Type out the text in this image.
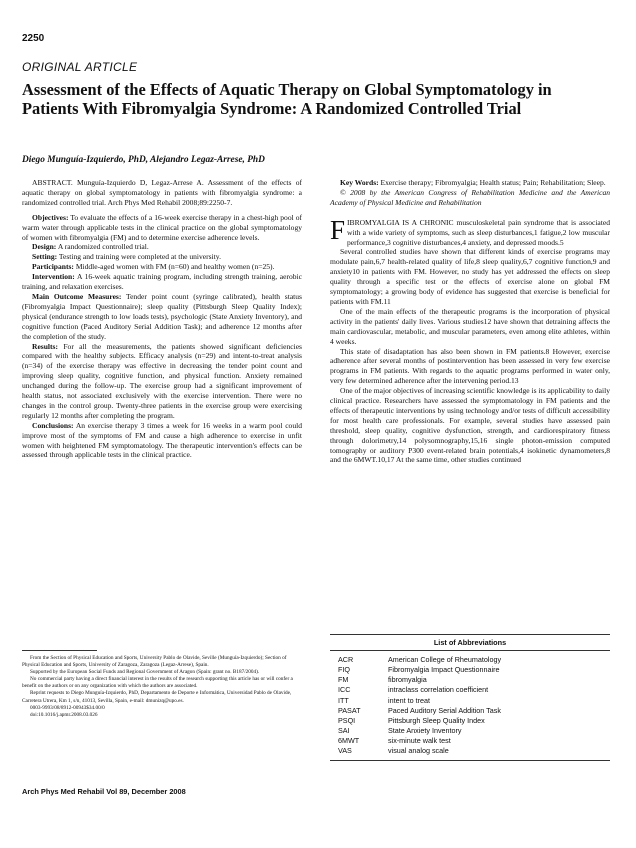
2250
ORIGINAL ARTICLE
Assessment of the Effects of Aquatic Therapy on Global Symptomatology in Patients With Fibromyalgia Syndrome: A Randomized Controlled Trial
Diego Munguía-Izquierdo, PhD, Alejandro Legaz-Arrese, PhD

ABSTRACT. Munguía-Izquierdo D, Legaz-Arrese A. Assessment of the effects of aquatic therapy on global symptomatology in patients with fibromyalgia syndrome: a randomized controlled trial. Arch Phys Med Rehabil 2008;89:2250-7.

Objectives: To evaluate the effects of a 16-week exercise therapy in a chest-high pool of warm water through applicable tests in the clinical practice on the global symptomatology of women with fibromyalgia (FM) and to determine exercise adherence levels.

Design: A randomized controlled trial.

Setting: Testing and training were completed at the university.

Participants: Middle-aged women with FM (n=60) and healthy women (n=25).

Intervention: A 16-week aquatic training program, including strength training, aerobic training, and relaxation exercises.

Main Outcome Measures: Tender point count (syringe calibrated), health status (Fibromyalgia Impact Questionnaire); sleep quality (Pittsburgh Sleep Quality Index); physical (endurance strength to low loads tests), psychologic (State Anxiety Inventory), and cognitive function (Paced Auditory Serial Addition Task); and adherence 12 months after the completion of the study.

Results: For all the measurements, the patients showed significant deficiencies compared with the healthy subjects. Efficacy analysis (n=29) and intent-to-treat analysis (n=34) of the exercise therapy was effective in decreasing the tender point count and improving sleep quality, cognitive function, and physical function. Anxiety remained unchanged during the follow-up. The exercise group had a significant improvement of health status, not associated exclusively with the exercise intervention. There were no changes in the control group. Twenty-three patients in the exercise group were exercising regularly 12 months after completing the program.

Conclusions: An exercise therapy 3 times a week for 16 weeks in a warm pool could improve most of the symptoms of FM and cause a high adherence to exercise in unfit women with heightened FM symptomatology. The therapeutic intervention's effects can be assessed through applicable tests in the clinical practice.

Key Words: Exercise therapy; Fibromyalgia; Health status; Pain; Rehabilitation; Sleep.

© 2008 by the American Congress of Rehabilitation Medicine and the American Academy of Physical Medicine and Rehabilitation

FIBROMYALGIA IS A CHRONIC musculoskeletal pain syndrome that is associated with a wide variety of symptoms, such as sleep disturbances,1 fatigue,2 low muscular performance,3 cognitive disturbances,4 anxiety, and depressed moods.5

Several controlled studies have shown that different kinds of exercise programs may modulate pain,6,7 health-related quality of life,8 sleep quality,6,7 cognitive function,9 and anxiety10 in patients with FM. However, no study has yet addressed the effects on sleep quality through a specific test or the effects of exercise alone on global FM symptomatology; a growing body of evidence has suggested that exercise is beneficial for patients with FM.11

One of the main effects of the therapeutic programs is the incorporation of physical activity in the patients' daily lives. Various studies12 have shown that detraining affects the main cardiovascular, metabolic, and muscular parameters, even among elite athletes, within 4 weeks.

This state of disadaptation has also been shown in FM patients.8 However, exercise adherence after several months of postintervention has been assessed in very few exercise programs in FM patients. With regards to the aquatic programs performed in water only, very few determined adherence after the intervening period.13

One of the major objectives of increasing scientific knowledge is its applicability to daily clinical practice. Researchers have assessed the symptomatology in FM patients and the effects of therapeutic interventions by using technology and/or tests of difficult accessibility for most health care professionals. For example, several studies have assessed pain threshold, sleep quality, cognitive dysfunction, strength, and cardiorespiratory fitness through dolorimetry,14 polysomnography,15,16 single photon-emission computed tomography or auditory P300 event-related brain potentials,4 isokinetic dynamometers,8 and the 6MWT.10,17 At the same time, other studies continued

From the Section of Physical Education and Sports, University Pablo de Olavide, Seville (Munguía-Izquierdo); Section of Physical Education and Sports, University of Zaragoza, Zaragoza (Legaz-Arrese), Spain.

Supported by the European Social Funds and Regional Government of Aragon (Spain: grant no. B187/2004).

No commercial party having a direct financial interest in the results of the research supporting this article has or will confer a benefit on the authors or on any organization with which the authors are associated.

Reprint requests to Diego Munguía-Izquierdo, PhD, Departamento de Deporte e Informática, Universidad Pablo de Olavide, Carretera Utrera, Km 1, s/n, 41013, Sevilla, Spain, e-mail: dmunizq@upo.es.

0003-9993/08/8912-00943$34.00/0

doi:10.1016/j.apmr.2008.03.026

List of Abbreviations
ACR	American College of Rheumatology
FIQ	Fibromyalgia Impact Questionnaire
FM	fibromyalgia
ICC	intraclass correlation coefficient
ITT	intent to treat
PASAT	Paced Auditory Serial Addition Task
PSQI	Pittsburgh Sleep Quality Index
SAI	State Anxiety Inventory
6MWT	six-minute walk test
VAS	visual analog scale
Arch Phys Med Rehabil Vol 89, December 2008
